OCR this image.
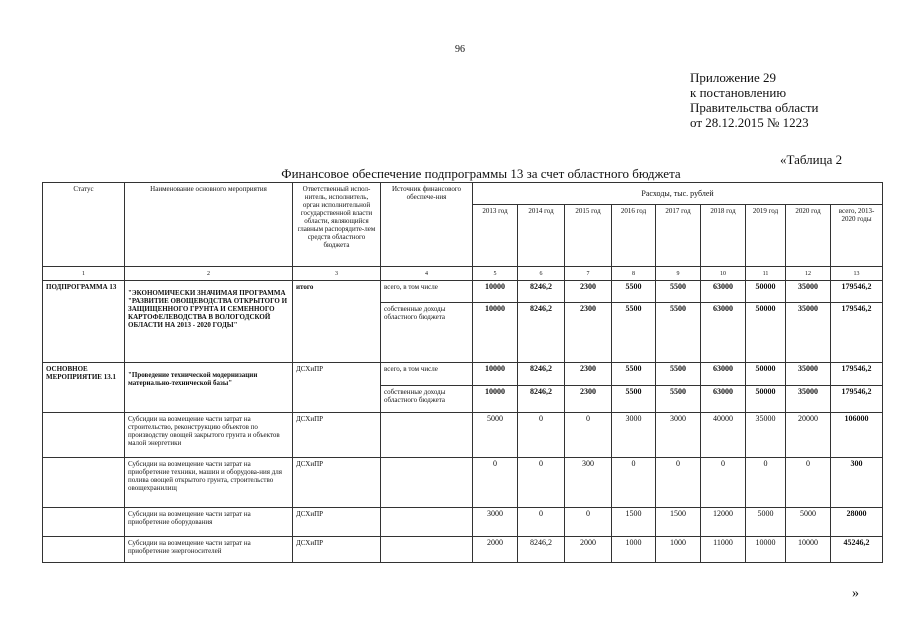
96
Приложение 29
к постановлению
Правительства области
от 28.12.2015 № 1223
«Таблица 2
Финансовое обеспечение подпрограммы 13 за счет областного бюджета
Статус	Наименование основного мероприятия	Ответственный испол-нитель, исполнитель, орган исполнительной государственной власти области, являющийся главным распорядите-лем средств областного бюджета	Источник финансового обеспече-ния	Расходы, тыс. рублей								
				2013 год	2014 год	2015 год	2016 год	2017 год	2018 год	2019 год	2020 год	всего, 2013- 2020 годы
1	2	3	4	5	6	7	8	9	10	11	12	13
ПОДПРОГРАММА 13	"ЭКОНОМИЧЕСКИ ЗНАЧИМАЯ ПРОГРАММА "РАЗВИТИЕ ОВОЩЕВОДСТВА ОТКРЫТОГО И ЗАЩИЩЕННОГО ГРУНТА И СЕМЕННОГО КАРТОФЕЛЕВОДСТВА В ВОЛОГОДСКОЙ ОБЛАСТИ НА 2013 - 2020 ГОДЫ"	итого	всего, в том числе	10000	8246,2	2300	5500	5500	63000	50000	35000	179546,2
			собственные доходы областного бюджета	10000	8246,2	2300	5500	5500	63000	50000	35000	179546,2
ОСНОВНОЕ МЕРОПРИЯТИЕ 13.1	"Проведение технической модернизации материально-технической базы"	ДСХиПР	всего, в том числе	10000	8246,2	2300	5500	5500	63000	50000	35000	179546,2
			собственные доходы областного бюджета	10000	8246,2	2300	5500	5500	63000	50000	35000	179546,2
	Субсидии на возмещение части затрат на строительство, реконструкцию объектов по производству овощей закрытого грунта и объектов малой энергетики	ДСХиПР		5000	0	0	3000	3000	40000	35000	20000	106000
	Субсидии на возмещение части затрат на приобретение техники, машин и оборудова-ния для полива овощей открытого грунта, строительство овощехранилищ	ДСХиПР		0	0	300	0	0	0	0	0	300
	Субсидии на возмещение части затрат на приобретение оборудования	ДСХиПР		3000	0	0	1500	1500	12000	5000	5000	28000
	Субсидии на возмещение части затрат на приобретение энергоносителей	ДСХиПР		2000	8246,2	2000	1000	1000	11000	10000	10000	45246,2
»
